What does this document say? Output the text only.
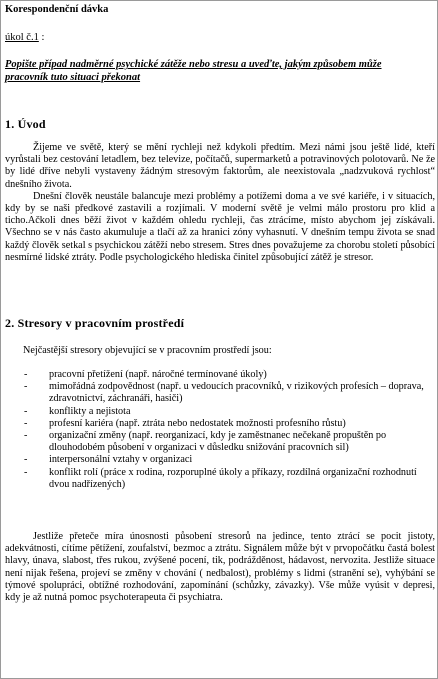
Korespondenční dávka
úkol č.1 :
Popište případ nadměrné psychické zátěže nebo stresu a uveďte, jakým způsobem může pracovník tuto situaci překonat
1. Úvod

Žijeme ve světě, který se mění rychleji než kdykoli předtím. Mezi námi jsou ještě lidé, kteří vyrůstali bez cestování letadlem, bez televize, počítačů, supermarketů a potravinových polotovarů. Ne že by lidé dříve nebyli vystaveny žádným stresovým faktorům, ale neexistovala „nadzvuková rychlost“ dnešního života.

Dnešní člověk neustále balancuje mezi problémy a potížemi doma a ve své kariéře, i v situacích, kdy by se naši předkové zastavili a rozjímali. V moderní světě je velmi málo prostoru pro klid a ticho.Ačkoli dnes běží život v každém ohledu rychleji, čas ztrácíme, místo abychom jej získávali. Všechno se v nás často akumuluje a tlačí až za hranici zóny vyhasnutí. V dnešním tempu života se snad každý člověk setkal s psychickou zátěží nebo stresem. Stres dnes považujeme za chorobu století působící nesmírné lidské ztráty. Podle psychologického hlediska činitel způsobující zátěž je stresor.

2. Stresory v pracovním prostředí
Nejčastější stresory objevující se v pracovním prostředí jsou:
- pracovní přetížení (např. náročné termínované úkoly)
- mimořádná zodpovědnost (např. u vedoucích pracovníků, v rizikových profesích – doprava, zdravotnictví, záchranáři, hasiči)
- konflikty a nejistota
- profesní kariéra (např. ztráta nebo nedostatek možnosti profesního růstu)
- organizační změny (např. reorganizací, kdy je zaměstnanec nečekaně propuštěn po dlouhodobém působení v organizaci v důsledku snižování pracovních sil)
- interpersonální vztahy v organizaci
- konflikt rolí (práce x rodina, rozporuplné úkoly a příkazy, rozdílná organizační rozhodnutí dvou nadřízených)

Jestliže přeteče míra únosnosti působení stresorů na jedince, tento ztrácí se pocit jistoty, adekvátnosti, cítíme pětížení, zoufalství, bezmoc a ztrátu. Signálem může být v prvopočátku častá bolest hlavy, únava, slabost, třes rukou, zvýšené pocení, tik, podrážděnost, hádavost, nervozita. Jestliže situace není nijak řešena, projeví se změny v chování ( nedbalost), problémy s lidmi (stranění se), vyhýbání se týmové spolupráci, obtížné rozhodování, zapomínání (schůzky, závazky). Vše může vyúsit v depresi, kdy je až nutná pomoc psychoterapeuta či psychiatra.
